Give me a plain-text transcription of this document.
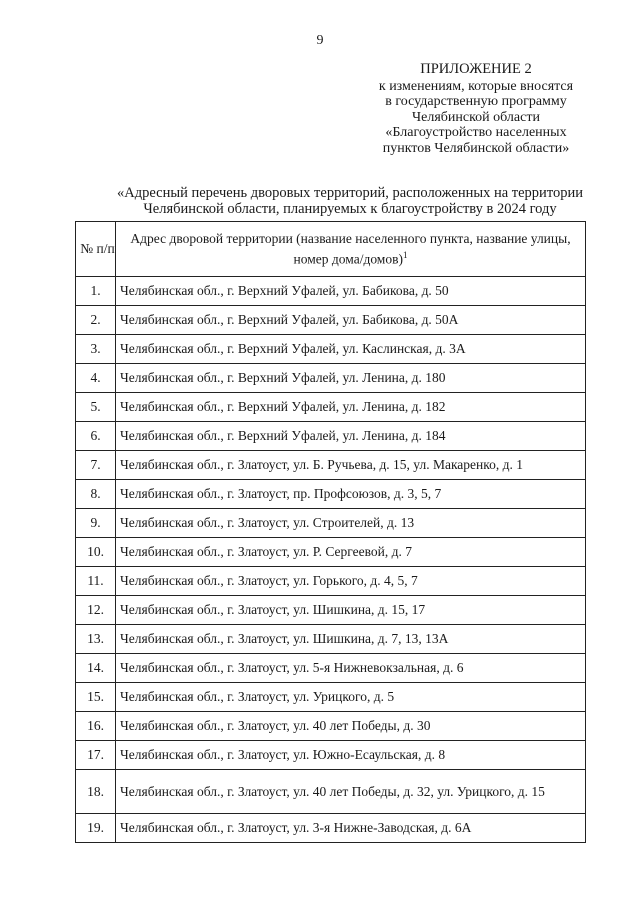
9
ПРИЛОЖЕНИЕ 2
к изменениям, которые вносятся
в государственную программу
Челябинской области
«Благоустройство населенных
пунктов Челябинской области»
«Адресный перечень дворовых территорий, расположенных на территории
Челябинской области, планируемых к благоустройству в 2024 году
№ п/п	Адрес дворовой территории (название населенного пункта, название улицы, номер дома/домов)$^1$
1.	Челябинская обл., г. Верхний Уфалей, ул. Бабикова, д. 50
2.	Челябинская обл., г. Верхний Уфалей, ул. Бабикова, д. 50А
3.	Челябинская обл., г. Верхний Уфалей, ул. Каслинская, д. 3А
4.	Челябинская обл., г. Верхний Уфалей, ул. Ленина, д. 180
5.	Челябинская обл., г. Верхний Уфалей, ул. Ленина, д. 182
6.	Челябинская обл., г. Верхний Уфалей, ул. Ленина, д. 184
7.	Челябинская обл., г. Златоуст, ул. Б. Ручьева, д. 15, ул. Макаренко, д. 1
8.	Челябинская обл., г. Златоуст, пр. Профсоюзов, д. 3, 5, 7
9.	Челябинская обл., г. Златоуст, ул. Строителей, д. 13
10.	Челябинская обл., г. Златоуст, ул. Р. Сергеевой, д. 7
11.	Челябинская обл., г. Златоуст, ул. Горького, д. 4, 5, 7
12.	Челябинская обл., г. Златоуст, ул. Шишкина, д. 15, 17
13.	Челябинская обл., г. Златоуст, ул. Шишкина, д. 7, 13, 13А
14.	Челябинская обл., г. Златоуст, ул. 5-я Нижневокзальная, д. 6
15.	Челябинская обл., г. Златоуст, ул. Урицкого, д. 5
16.	Челябинская обл., г. Златоуст, ул. 40 лет Победы, д. 30
17.	Челябинская обл., г. Златоуст, ул. Южно-Есаульская, д. 8
18.	Челябинская обл., г. Златоуст, ул. 40 лет Победы, д. 32, ул. Урицкого, д. 15
19.	Челябинская обл., г. Златоуст, ул. 3-я Нижне-Заводская, д. 6А
